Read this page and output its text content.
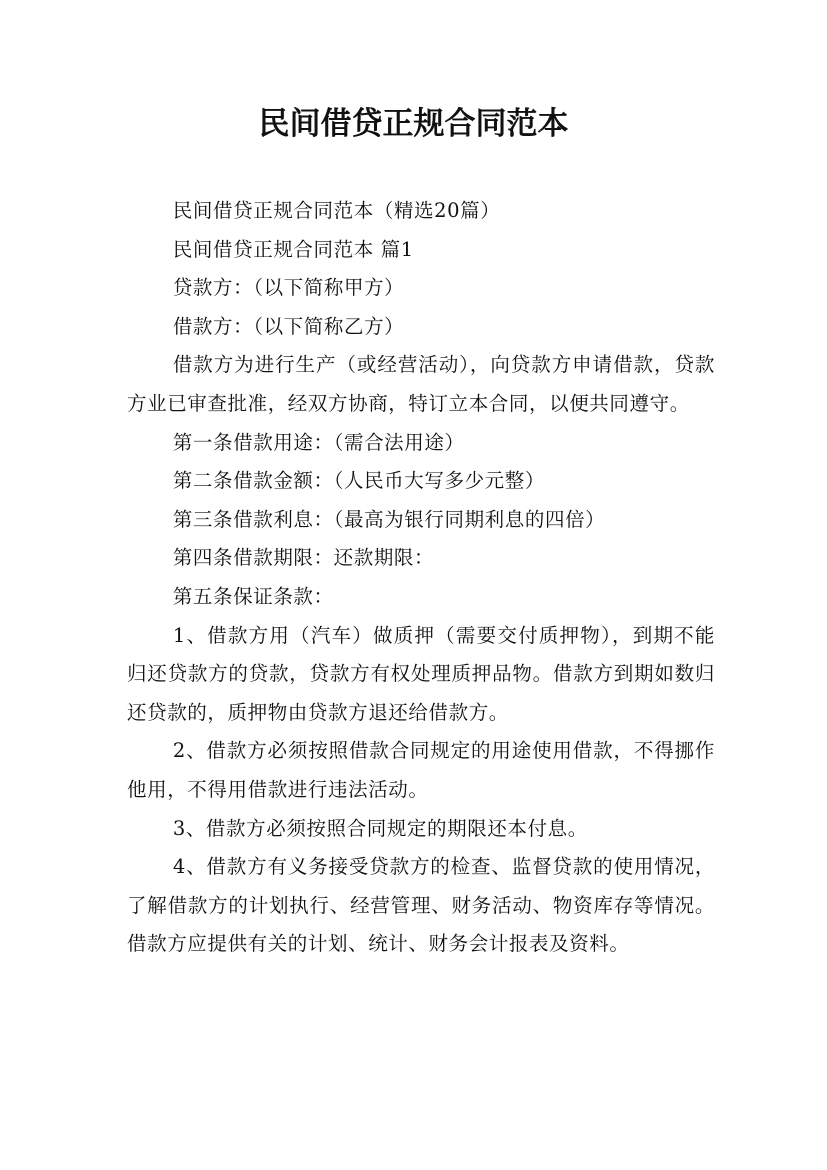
民间借贷正规合同范本

民间借贷正规合同范本（精选20篇）

民间借贷正规合同范本 篇1

贷款方：（以下简称甲方）

借款方：（以下简称乙方）

借款方为进行生产（或经营活动），向贷款方申请借款，贷款方业已审查批准，经双方协商，特订立本合同，以便共同遵守。

第一条借款用途：（需合法用途）

第二条借款金额：（人民币大写多少元整）

第三条借款利息：（最高为银行同期利息的四倍）

第四条借款期限：还款期限：

第五条保证条款：

1、借款方用（汽车）做质押（需要交付质押物），到期不能归还贷款方的贷款，贷款方有权处理质押品物。借款方到期如数归还贷款的，质押物由贷款方退还给借款方。

2、借款方必须按照借款合同规定的用途使用借款，不得挪作他用，不得用借款进行违法活动。

3、借款方必须按照合同规定的期限还本付息。

4、借款方有义务接受贷款方的检查、监督贷款的使用情况，了解借款方的计划执行、经营管理、财务活动、物资库存等情况。借款方应提供有关的计划、统计、财务会计报表及资料。
